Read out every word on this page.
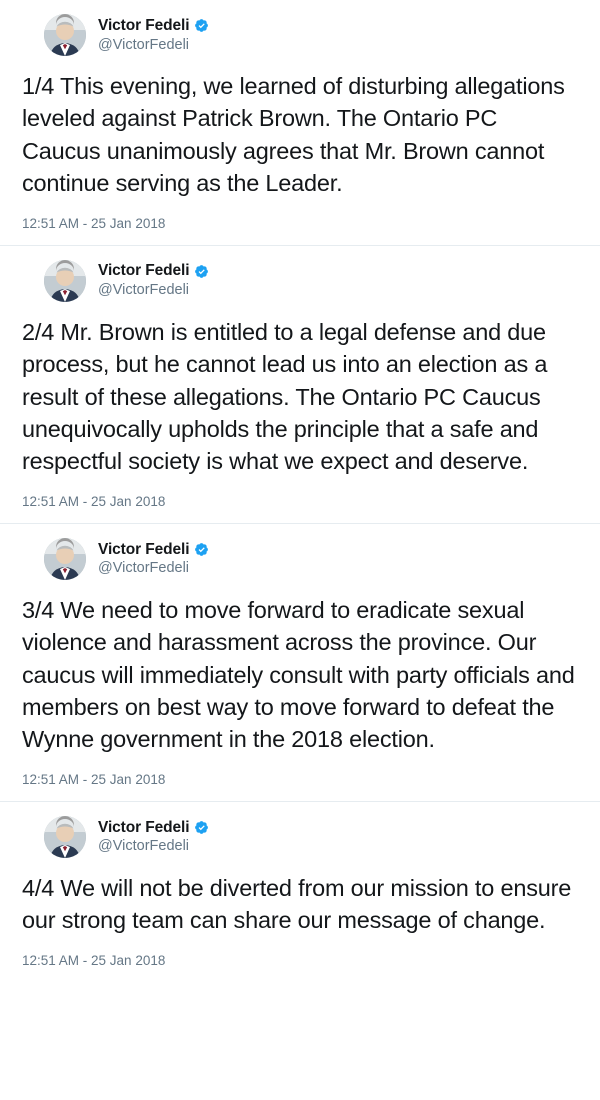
Victor Fedeli
@VictorFedeli

1/4 This evening, we learned of disturbing allegations leveled against Patrick Brown. The Ontario PC Caucus unanimously agrees that Mr. Brown cannot continue serving as the Leader.

12:51 AM - 25 Jan 2018
Victor Fedeli
@VictorFedeli

2/4 Mr. Brown is entitled to a legal defense and due process, but he cannot lead us into an election as a result of these allegations. The Ontario PC Caucus unequivocally upholds the principle that a safe and respectful society is what we expect and deserve.

12:51 AM - 25 Jan 2018
Victor Fedeli
@VictorFedeli

3/4 We need to move forward to eradicate sexual violence and harassment across the province. Our caucus will immediately consult with party officials and members on best way to move forward to defeat the Wynne government in the 2018 election.

12:51 AM - 25 Jan 2018
Victor Fedeli
@VictorFedeli

4/4 We will not be diverted from our mission to ensure our strong team can share our message of change.

12:51 AM - 25 Jan 2018
